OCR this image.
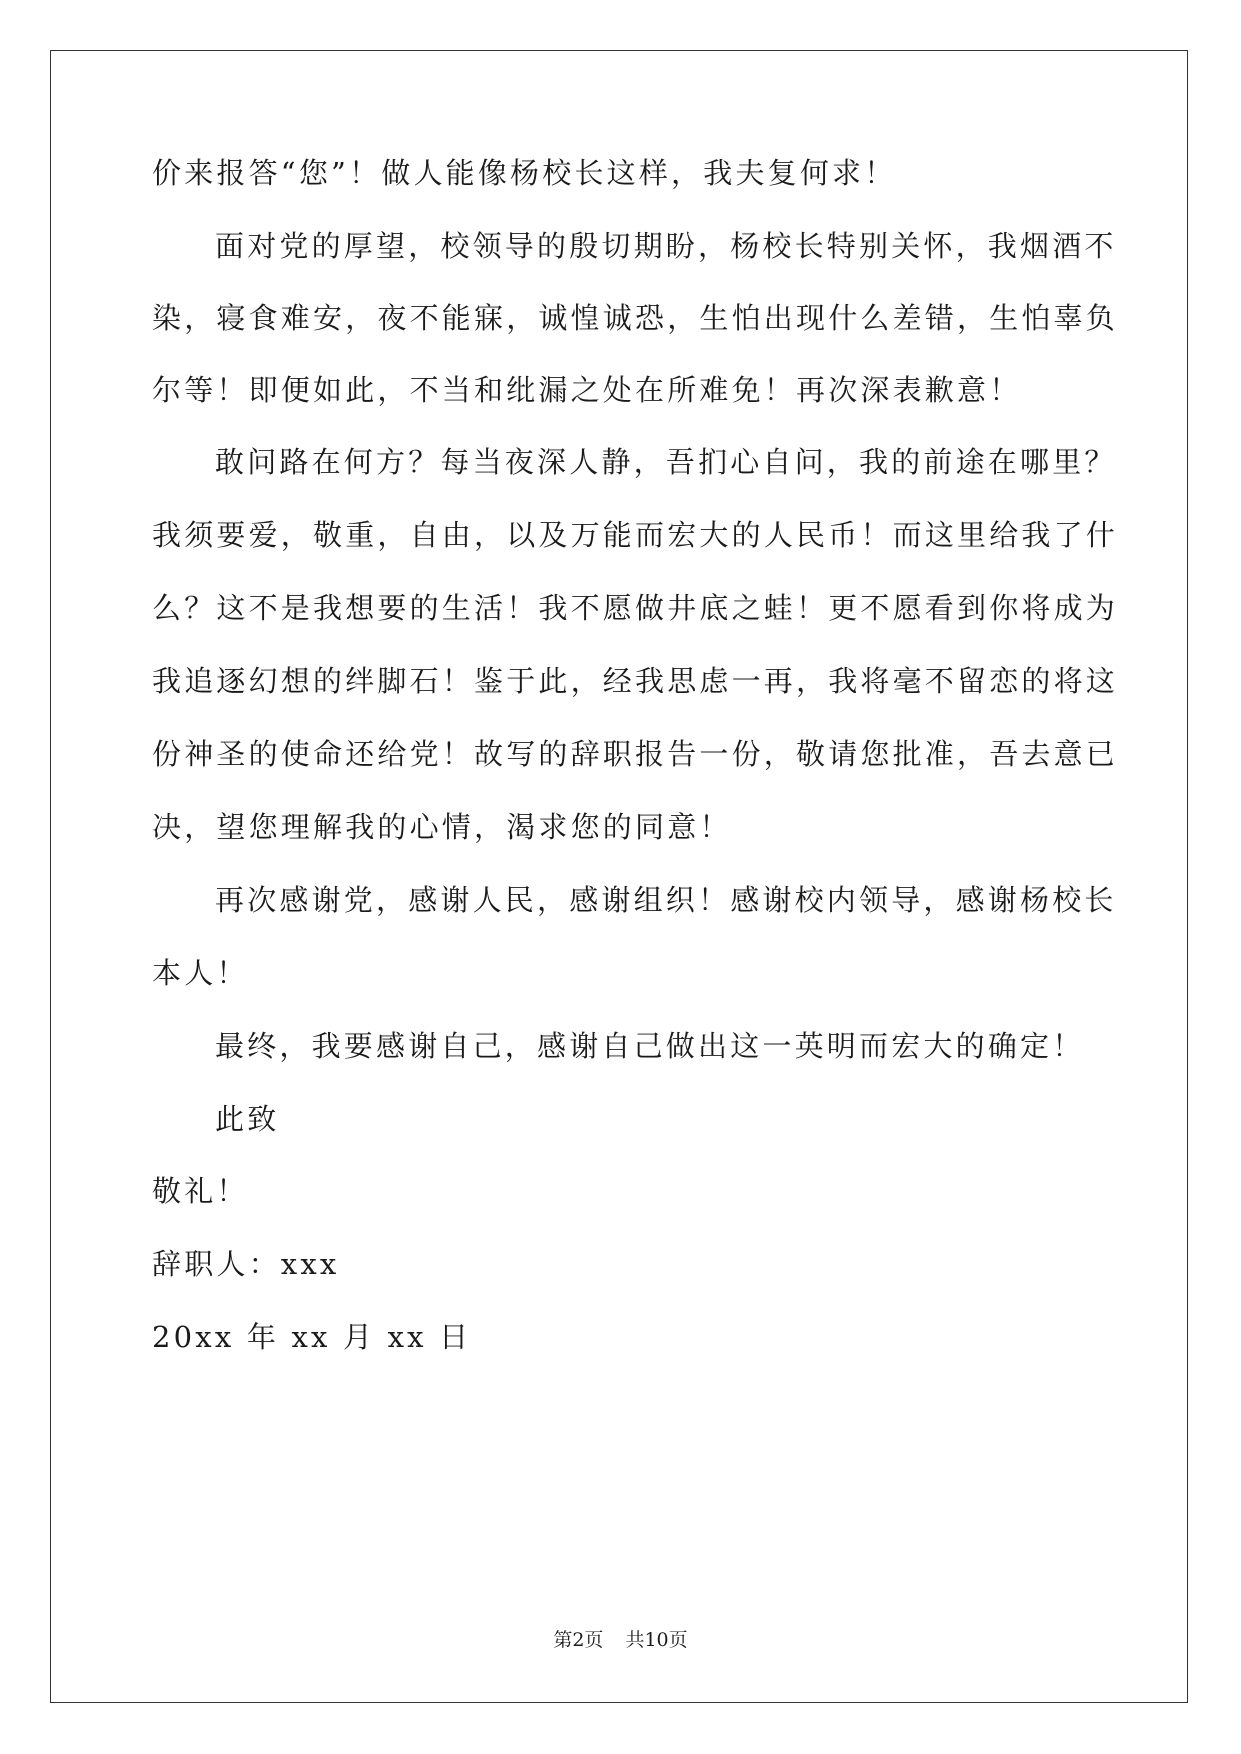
价来报答“您”！做人能像杨校长这样，我夫复何求！
面对党的厚望，校领导的殷切期盼，杨校长特别关怀，我烟酒不
染，寝食难安，夜不能寐，诚惶诚恐，生怕出现什么差错，生怕辜负
尔等！即便如此，不当和纰漏之处在所难免！再次深表歉意！
敢问路在何方？每当夜深人静，吾扪心自问，我的前途在哪里？
我须要爱，敬重，自由，以及万能而宏大的人民币！而这里给我了什
么？这不是我想要的生活！我不愿做井底之蛙！更不愿看到你将成为
我追逐幻想的绊脚石！鉴于此，经我思虑一再，我将毫不留恋的将这
份神圣的使命还给党！故写的辞职报告一份，敬请您批准，吾去意已
决，望您理解我的心情，渴求您的同意！
再次感谢党，感谢人民，感谢组织！感谢校内领导，感谢杨校长
本人！
最终，我要感谢自己，感谢自己做出这一英明而宏大的确定！
此致
敬礼！
辞职人：xxx
20xx 年 xx 月 xx 日
第2页 共10页
